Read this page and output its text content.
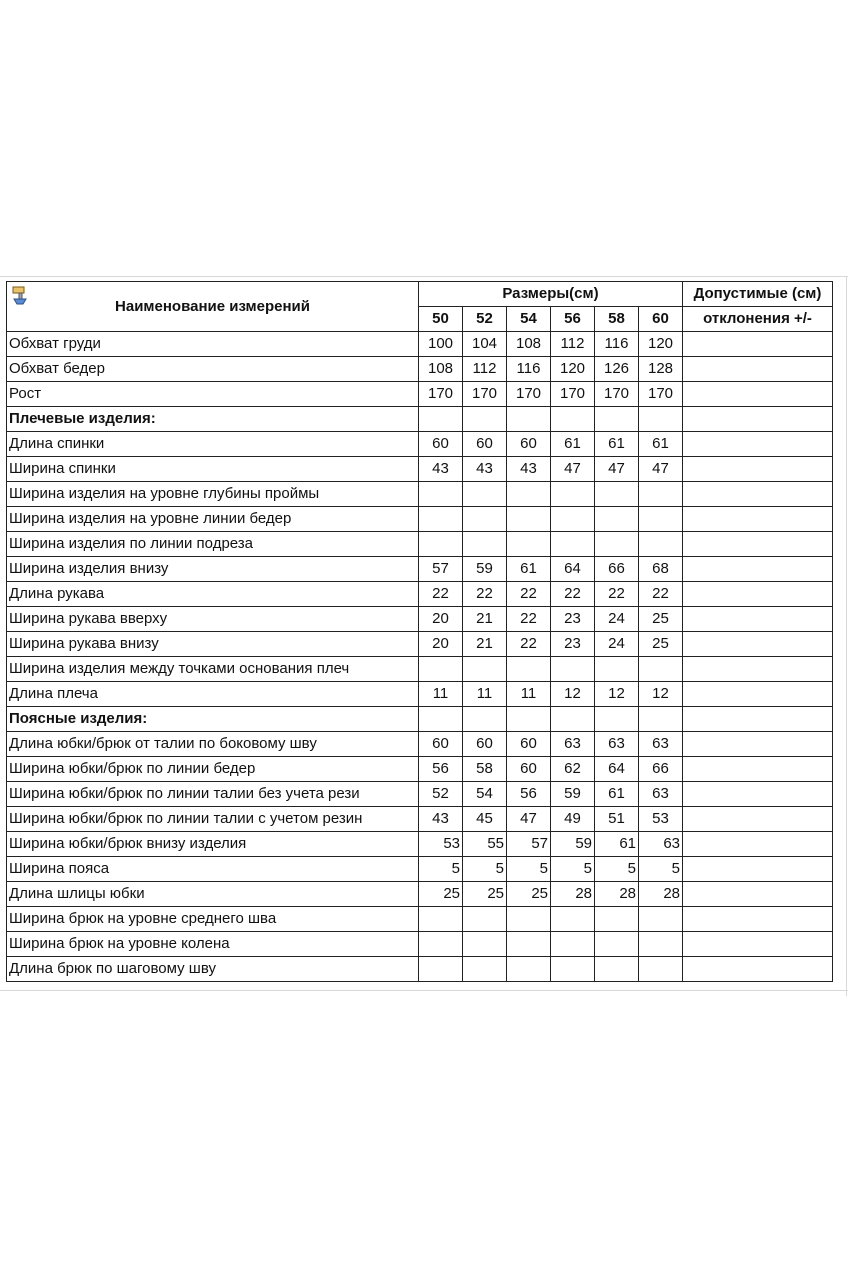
Наименование измерений	Размеры(см)						Допустимые (см)
	50	52	54	56	58	60	отклонения +/-
Обхват груди	100	104	108	112	116	120	
Обхват бедер	108	112	116	120	126	128	
Рост	170	170	170	170	170	170	
Плечевые изделия:							
Длина спинки	60	60	60	61	61	61	
Ширина спинки	43	43	43	47	47	47	
Ширина изделия на уровне глубины проймы							
Ширина изделия на уровне линии бедер							
Ширина изделия по линии подреза							
Ширина изделия внизу	57	59	61	64	66	68	
Длина рукава	22	22	22	22	22	22	
Ширина рукава вверху	20	21	22	23	24	25	
Ширина рукава внизу	20	21	22	23	24	25	
Ширина изделия между точками основания плеч							
Длина плеча	11	11	11	12	12	12	
Поясные изделия:							
Длина юбки/брюк от талии по боковому шву	60	60	60	63	63	63	
Ширина юбки/брюк по линии бедер	56	58	60	62	64	66	
Ширина юбки/брюк по линии талии без учета рези	52	54	56	59	61	63	
Ширина юбки/брюк по линии талии с учетом резин	43	45	47	49	51	53	
Ширина юбки/брюк внизу изделия	53	55	57	59	61	63	
Ширина пояса	5	5	5	5	5	5	
Длина шлицы юбки	25	25	25	28	28	28	
Ширина брюк на уровне среднего шва							
Ширина брюк на уровне колена							
Длина брюк по шаговому шву							
